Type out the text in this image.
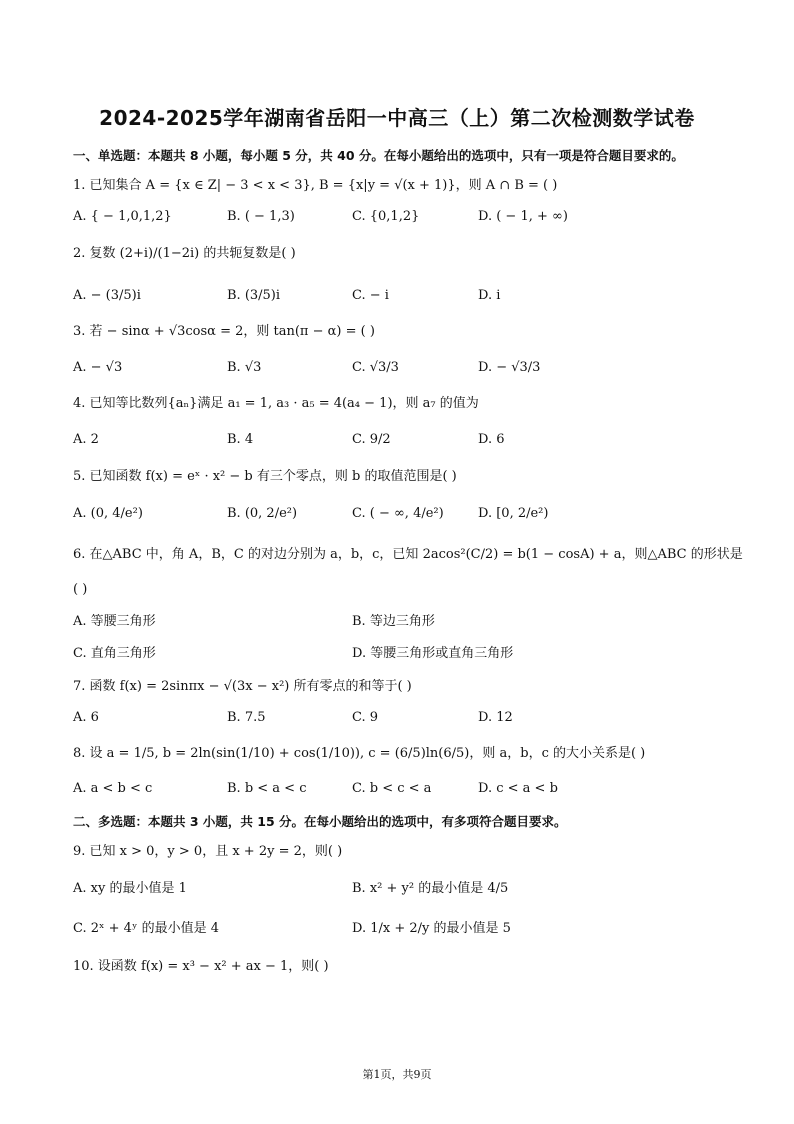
2024-2025学年湖南省岳阳一中高三（上）第二次检测数学试卷
一、单选题：本题共 8 小题，每小题 5 分，共 40 分。在每小题给出的选项中，只有一项是符合题目要求的。
1. 已知集合 A = {x ∈ Z| − 3 < x < 3}, B = {x|y = √(x + 1)}，则 A ∩ B = ( )
A. { − 1,0,1,2}	B. ( − 1,3)	C. {0,1,2}	D. ( − 1, + ∞)
2. 复数 (2+i)/(1−2i) 的共轭复数是( )
A. − (3/5)i	B. (3/5)i	C. − i	D. i
3. 若 − sinα + √3cosα = 2，则 tan(π − α) = ( )
A. − √3	B. √3	C. √3/3	D. − √3/3
4. 已知等比数列{aₙ}满足 a₁ = 1, a₃ · a₅ = 4(a₄ − 1)，则 a₇ 的值为
A. 2	B. 4	C. 9/2	D. 6
5. 已知函数 f(x) = eˣ · x² − b 有三个零点，则 b 的取值范围是( )
A. (0, 4/e²)	B. (0, 2/e²)	C. ( − ∞, 4/e²)	D. [0, 2/e²)
6. 在△ABC 中，角 A，B，C 的对边分别为 a，b，c，已知 2acos²(C/2) = b(1 − cosA) + a，则△ABC 的形状是
( )
A. 等腰三角形	B. 等边三角形
C. 直角三角形	D. 等腰三角形或直角三角形
7. 函数 f(x) = 2sinπx − √(3x − x²) 所有零点的和等于( )
A. 6	B. 7.5	C. 9	D. 12
8. 设 a = 1/5, b = 2ln(sin(1/10) + cos(1/10)), c = (6/5)ln(6/5)，则 a，b，c 的大小关系是( )
A. a < b < c	B. b < a < c	C. b < c < a	D. c < a < b
二、多选题：本题共 3 小题，共 15 分。在每小题给出的选项中，有多项符合题目要求。
9. 已知 x > 0，y > 0，且 x + 2y = 2，则( )
A. xy 的最小值是 1	B. x² + y² 的最小值是 4/5
C. 2ˣ + 4ʸ 的最小值是 4	D. 1/x + 2/y 的最小值是 5
10. 设函数 f(x) = x³ − x² + ax − 1，则( )
第1页，共9页
